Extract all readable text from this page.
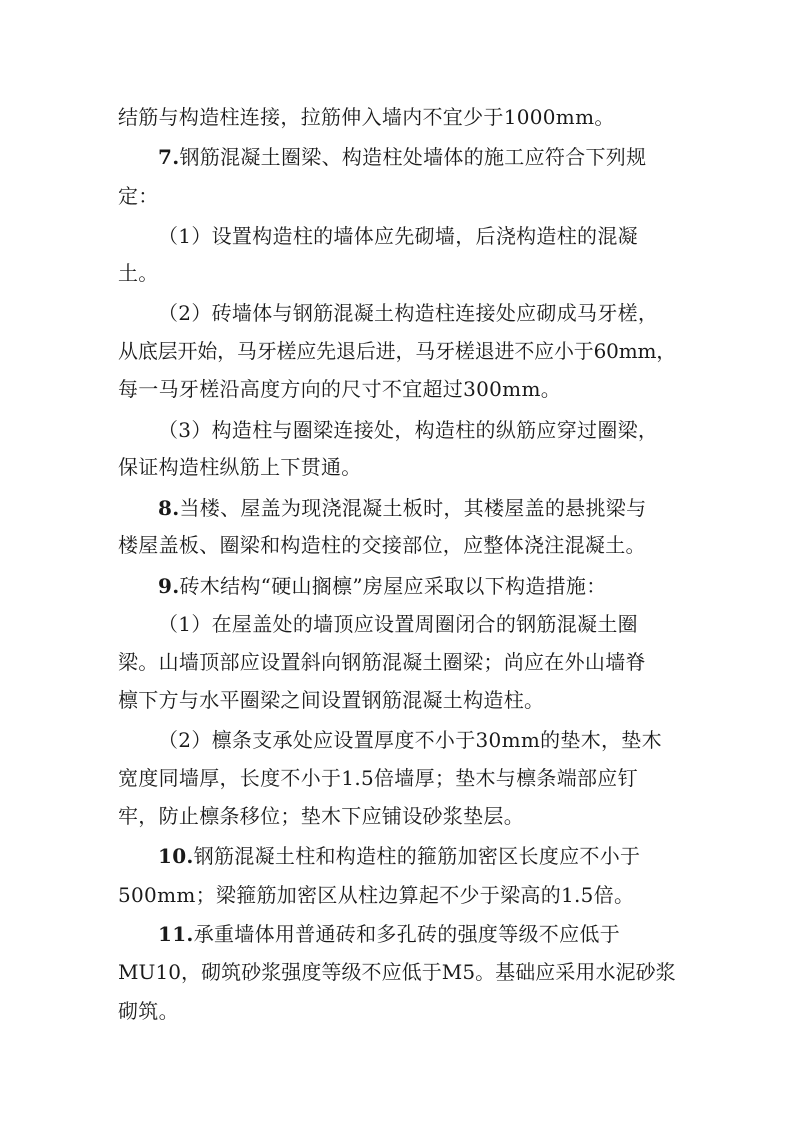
结筋与构造柱连接，拉筋伸入墙内不宜少于1000mm。
7.钢筋混凝土圈梁、构造柱处墙体的施工应符合下列规
定：
（1）设置构造柱的墙体应先砌墙，后浇构造柱的混凝
土。
（2）砖墙体与钢筋混凝土构造柱连接处应砌成马牙槎，
从底层开始，马牙槎应先退后进，马牙槎退进不应小于60mm，
每一马牙槎沿高度方向的尺寸不宜超过300mm。
（3）构造柱与圈梁连接处，构造柱的纵筋应穿过圈梁，
保证构造柱纵筋上下贯通。
8.当楼、屋盖为现浇混凝土板时，其楼屋盖的悬挑梁与
楼屋盖板、圈梁和构造柱的交接部位，应整体浇注混凝土。
9.砖木结构“硬山搁檩”房屋应采取以下构造措施：
（1）在屋盖处的墙顶应设置周圈闭合的钢筋混凝土圈
梁。山墙顶部应设置斜向钢筋混凝土圈梁；尚应在外山墙脊
檩下方与水平圈梁之间设置钢筋混凝土构造柱。
（2）檩条支承处应设置厚度不小于30mm的垫木，垫木
宽度同墙厚，长度不小于1.5倍墙厚；垫木与檩条端部应钉
牢，防止檩条移位；垫木下应铺设砂浆垫层。
10.钢筋混凝土柱和构造柱的箍筋加密区长度应不小于
500mm；梁箍筋加密区从柱边算起不少于梁高的1.5倍。
11.承重墙体用普通砖和多孔砖的强度等级不应低于
MU10，砌筑砂浆强度等级不应低于M5。基础应采用水泥砂浆
砌筑。
